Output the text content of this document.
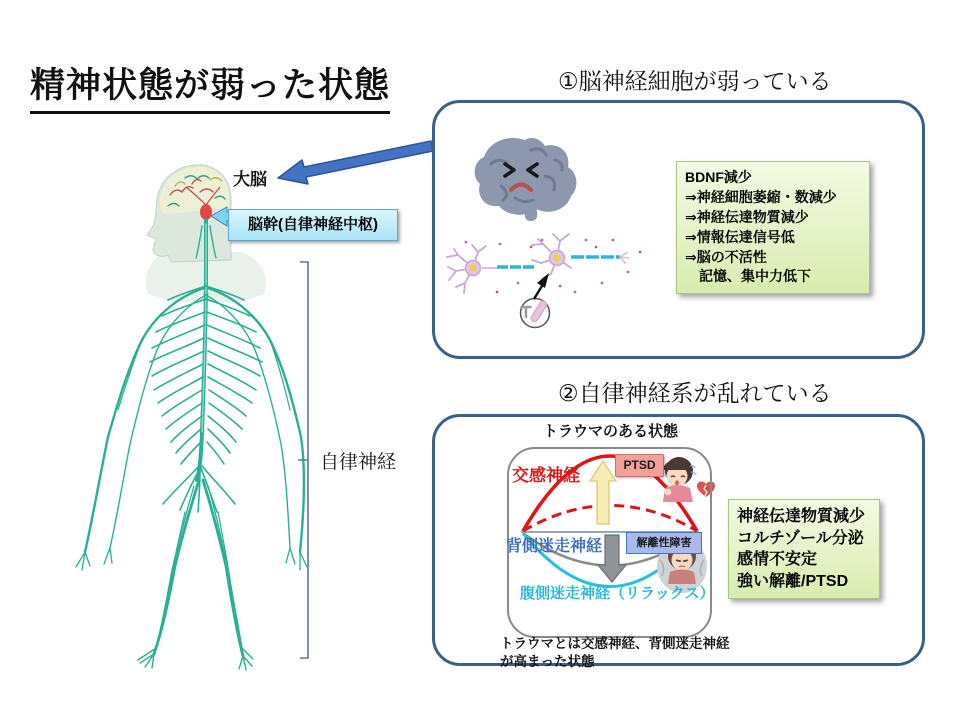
精神状態が弱った状態
大脳
脳幹(自律神経中枢)
自律神経
①脳神経細胞が弱っている
BDNF減少
⇒神経細胞萎縮・数減少
⇒神経伝達物質減少
⇒情報伝達信号低
⇒脳の不活性
　記憶、集中力低下
②自律神経系が乱れている
トラウマのある状態
交感神経
PTSD
背側迷走神経	解離性障害
腹側迷走神経（リラックス）
トラウマとは交感神経、背側迷走神経
が高まった状態
神経伝達物質減少
コルチゾール分泌
感情不安定
強い解離/PTSD
